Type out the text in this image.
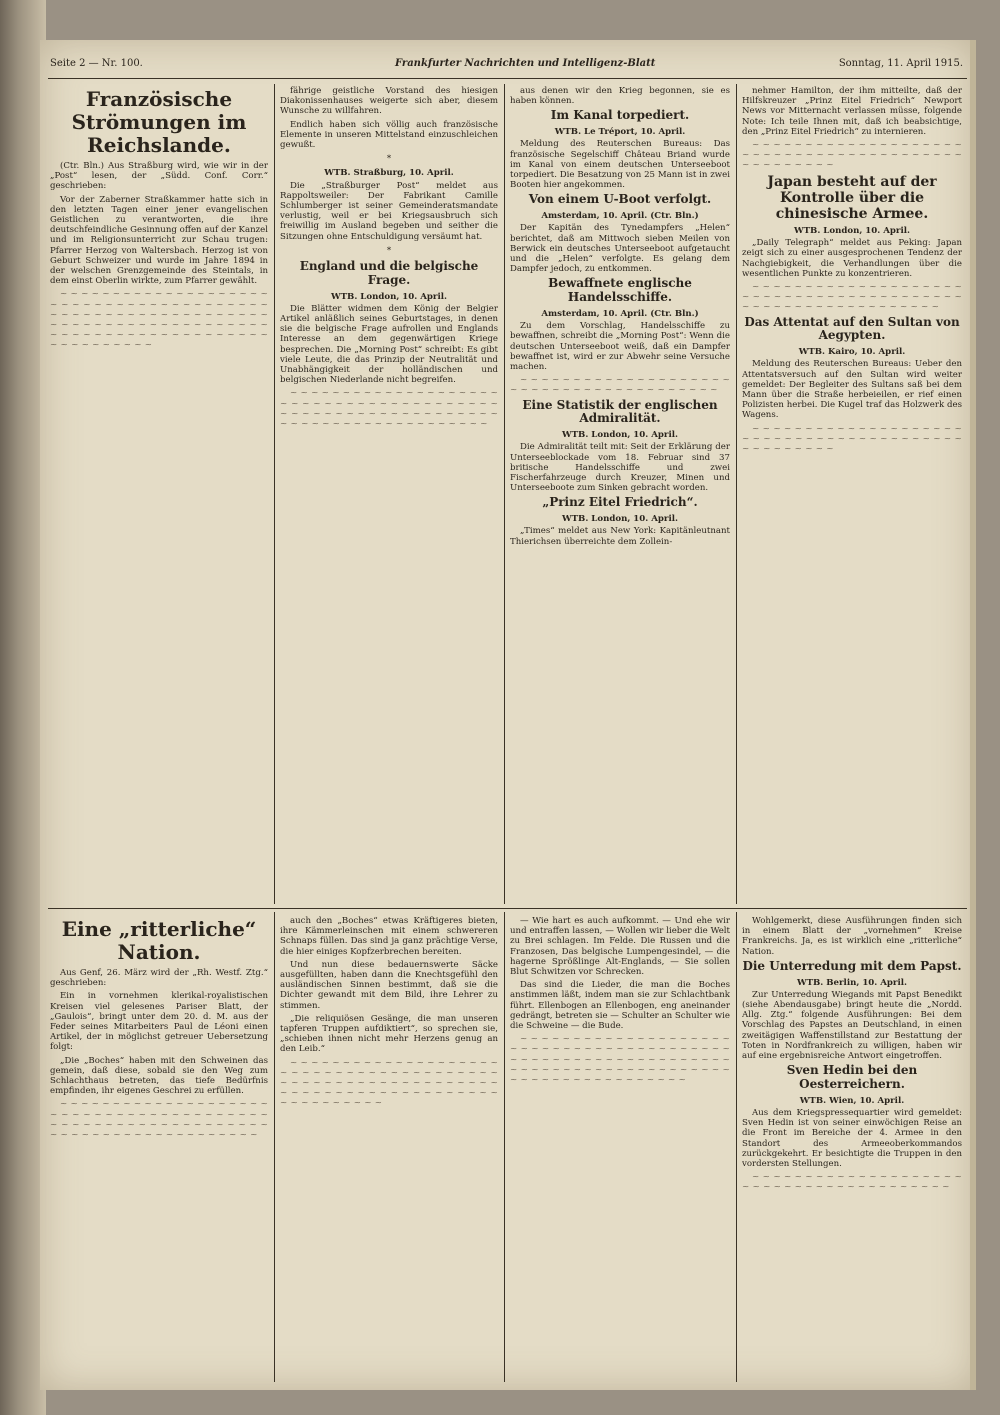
Seite 2 — Nr. 100.	Frankfurter Nachrichten und Intelligenz-Blatt	Sonntag, 11. April 1915.
Französische Strömungen im Reichslande.

(Ctr. Bln.) Aus Straßburg wird, wie wir in der „Post“ lesen, der „Südd. Conf. Corr.“ geschrieben:

Vor der Zaberner Straßkammer hatte sich in den letzten Tagen einer jener evangelischen Geistlichen zu verantworten, die ihre deutschfeindliche Gesinnung offen auf der Kanzel und im Religionsunterricht zur Schau trugen: Pfarrer Herzog von Waltersbach. Herzog ist von Geburt Schweizer und wurde im Jahre 1894 in der welschen Grenzgemeinde des Steintals, in dem einst Oberlin wirkte, zum Pfarrer gewählt.

~ ~ ~ ~ ~ ~ ~ ~ ~ ~ ~ ~ ~ ~ ~ ~ ~ ~ ~ ~ ~ ~ ~ ~ ~ ~ ~ ~ ~ ~ ~ ~ ~ ~ ~ ~ ~ ~ ~ ~ ~ ~ ~ ~ ~ ~ ~ ~ ~ ~ ~ ~ ~ ~ ~ ~ ~ ~ ~ ~ ~ ~ ~ ~ ~ ~ ~ ~ ~ ~ ~ ~ ~ ~ ~ ~ ~ ~ ~ ~ ~ ~ ~ ~ ~ ~ ~ ~ ~ ~ ~ ~ ~ ~ ~ ~ ~ ~ ~ ~ ~ ~ ~ ~ ~ ~ ~ ~ ~ ~

fährige geistliche Vorstand des hiesigen Diakonissenhauses weigerte sich aber, diesem Wunsche zu willfahren.

Endlich haben sich völlig auch französische Elemente in unseren Mittelstand einzuschleichen gewußt.

*
WTB. Straßburg, 10. April.

Die „Straßburger Post“ meldet aus Rappoltsweiler: Der Fabrikant Camille Schlumberger ist seiner Gemeinderatsmandate verlustig, weil er bei Kriegsausbruch sich freiwillig im Ausland begeben und seither die Sitzungen ohne Entschuldigung versäumt hat.

*
England und die belgische Frage.
WTB. London, 10. April.

Die Blätter widmen dem König der Belgier Artikel anläßlich seines Geburtstages, in denen sie die belgische Frage aufrollen und Englands Interesse an dem gegenwärtigen Kriege besprechen. Die „Morning Post“ schreibt: Es gibt viele Leute, die das Prinzip der Neutralität und Unabhängigkeit der holländischen und belgischen Niederlande nicht begreifen.

~ ~ ~ ~ ~ ~ ~ ~ ~ ~ ~ ~ ~ ~ ~ ~ ~ ~ ~ ~ ~ ~ ~ ~ ~ ~ ~ ~ ~ ~ ~ ~ ~ ~ ~ ~ ~ ~ ~ ~ ~ ~ ~ ~ ~ ~ ~ ~ ~ ~ ~ ~ ~ ~ ~ ~ ~ ~ ~ ~ ~ ~ ~ ~ ~ ~ ~ ~ ~ ~ ~ ~ ~ ~ ~ ~ ~ ~ ~ ~

aus denen wir den Krieg begonnen, sie es haben können.

Im Kanal torpediert.
WTB. Le Tréport, 10. April.

Meldung des Reuterschen Bureaus: Das französische Segelschiff Château Briand wurde im Kanal von einem deutschen Unterseeboot torpediert. Die Besatzung von 25 Mann ist in zwei Booten hier angekommen.

Von einem U-Boot verfolgt.
Amsterdam, 10. April. (Ctr. Bln.)

Der Kapitän des Tynedampfers „Helen“ berichtet, daß am Mittwoch sieben Meilen von Berwick ein deutsches Unterseeboot aufgetaucht und die „Helen“ verfolgte. Es gelang dem Dampfer jedoch, zu entkommen.

Bewaffnete englische Handelsschiffe.
Amsterdam, 10. April. (Ctr. Bln.)

Zu dem Vorschlag, Handelsschiffe zu bewaffnen, schreibt die „Morning Post“: Wenn die deutschen Unterseeboot weiß, daß ein Dampfer bewaffnet ist, wird er zur Abwehr seine Versuche machen.

~ ~ ~ ~ ~ ~ ~ ~ ~ ~ ~ ~ ~ ~ ~ ~ ~ ~ ~ ~ ~ ~ ~ ~ ~ ~ ~ ~ ~ ~ ~ ~ ~ ~ ~ ~ ~ ~ ~ ~

Eine Statistik der englischen Admiralität.
WTB. London, 10. April.

Die Admiralität teilt mit: Seit der Erklärung der Unterseeblockade vom 18. Februar sind 37 britische Handelsschiffe und zwei Fischerfahrzeuge durch Kreuzer, Minen und Unterseeboote zum Sinken gebracht worden.

„Prinz Eitel Friedrich“.
WTB. London, 10. April.

„Times“ meldet aus New York: Kapitänleutnant Thierichsen überreichte dem Zollein-

nehmer Hamilton, der ihm mitteilte, daß der Hilfskreuzer „Prinz Eitel Friedrich“ Newport News vor Mitternacht verlassen müsse, folgende Note: Ich teile Ihnen mit, daß ich beabsichtige, den „Prinz Eitel Friedrich“ zu internieren.

~ ~ ~ ~ ~ ~ ~ ~ ~ ~ ~ ~ ~ ~ ~ ~ ~ ~ ~ ~ ~ ~ ~ ~ ~ ~ ~ ~ ~ ~ ~ ~ ~ ~ ~ ~ ~ ~ ~ ~ ~ ~ ~ ~ ~ ~ ~ ~ ~ ~

Japan besteht auf der Kontrolle über die chinesische Armee.
WTB. London, 10. April.

„Daily Telegraph“ meldet aus Peking: Japan zeigt sich zu einer ausgesprochenen Tendenz der Nachgiebigkeit, die Verhandlungen über die wesentlichen Punkte zu konzentrieren.

~ ~ ~ ~ ~ ~ ~ ~ ~ ~ ~ ~ ~ ~ ~ ~ ~ ~ ~ ~ ~ ~ ~ ~ ~ ~ ~ ~ ~ ~ ~ ~ ~ ~ ~ ~ ~ ~ ~ ~ ~ ~ ~ ~ ~ ~ ~ ~ ~ ~ ~ ~ ~ ~ ~ ~ ~ ~ ~ ~

Das Attentat auf den Sultan von Aegypten.
WTB. Kairo, 10. April.

Meldung des Reuterschen Bureaus: Ueber den Attentatsversuch auf den Sultan wird weiter gemeldet: Der Begleiter des Sultans saß bei dem Mann über die Straße herbeieilen, er rief einen Polizisten herbei. Die Kugel traf das Holzwerk des Wagens.

~ ~ ~ ~ ~ ~ ~ ~ ~ ~ ~ ~ ~ ~ ~ ~ ~ ~ ~ ~ ~ ~ ~ ~ ~ ~ ~ ~ ~ ~ ~ ~ ~ ~ ~ ~ ~ ~ ~ ~ ~ ~ ~ ~ ~ ~ ~ ~ ~ ~

Eine „ritterliche“ Nation.

Aus Genf, 26. März wird der „Rh. Westf. Ztg.“ geschrieben:

Ein in vornehmen klerikal-royalistischen Kreisen viel gelesenes Pariser Blatt, der „Gaulois“, bringt unter dem 20. d. M. aus der Feder seines Mitarbeiters Paul de Léoni einen Artikel, der in möglichst getreuer Uebersetzung folgt:

„Die „Boches“ haben mit den Schweinen das gemein, daß diese, sobald sie den Weg zum Schlachthaus betreten, das tiefe Bedürfnis empfinden, ihr eigenes Geschrei zu erfüllen.

~ ~ ~ ~ ~ ~ ~ ~ ~ ~ ~ ~ ~ ~ ~ ~ ~ ~ ~ ~ ~ ~ ~ ~ ~ ~ ~ ~ ~ ~ ~ ~ ~ ~ ~ ~ ~ ~ ~ ~ ~ ~ ~ ~ ~ ~ ~ ~ ~ ~ ~ ~ ~ ~ ~ ~ ~ ~ ~ ~ ~ ~ ~ ~ ~ ~ ~ ~ ~ ~ ~ ~ ~ ~ ~ ~ ~ ~ ~ ~

auch den „Boches“ etwas Kräftigeres bieten, ihre Kämmerleinschen mit einem schwereren Schnaps füllen. Das sind ja ganz prächtige Verse, die hier einiges Kopfzerbrechen bereiten.

Und nun diese bedauernswerte Säcke ausgefüllten, haben dann die Knechtsgefühl den ausländischen Sinnen bestimmt, daß sie die Dichter gewandt mit dem Bild, ihre Lehrer zu stimmen.

„Die reliquiösen Gesänge, die man unseren tapferen Truppen aufdiktiert“, so sprechen sie, „schieben ihnen nicht mehr Herzens genug an den Leib.“

~ ~ ~ ~ ~ ~ ~ ~ ~ ~ ~ ~ ~ ~ ~ ~ ~ ~ ~ ~ ~ ~ ~ ~ ~ ~ ~ ~ ~ ~ ~ ~ ~ ~ ~ ~ ~ ~ ~ ~ ~ ~ ~ ~ ~ ~ ~ ~ ~ ~ ~ ~ ~ ~ ~ ~ ~ ~ ~ ~ ~ ~ ~ ~ ~ ~ ~ ~ ~ ~ ~ ~ ~ ~ ~ ~ ~ ~ ~ ~ ~ ~ ~ ~ ~ ~ ~ ~ ~ ~

— Wie hart es auch aufkommt. — Und ehe wir und entraffen lassen, — Wollen wir lieber die Welt zu Brei schlagen. Im Felde. Die Russen und die Franzosen, Das belgische Lumpengesindel, — die hagerne Sprößlinge Alt-Englands, — Sie sollen Blut Schwitzen vor Schrecken.

Das sind die Lieder, die man die Boches anstimmen läßt, indem man sie zur Schlachtbank führt. Ellenbogen an Ellenbogen, eng aneinander gedrängt, betreten sie — Schulter an Schulter wie die Schweine — die Bude.

~ ~ ~ ~ ~ ~ ~ ~ ~ ~ ~ ~ ~ ~ ~ ~ ~ ~ ~ ~ ~ ~ ~ ~ ~ ~ ~ ~ ~ ~ ~ ~ ~ ~ ~ ~ ~ ~ ~ ~ ~ ~ ~ ~ ~ ~ ~ ~ ~ ~ ~ ~ ~ ~ ~ ~ ~ ~ ~ ~ ~ ~ ~ ~ ~ ~ ~ ~ ~ ~ ~ ~ ~ ~ ~ ~ ~ ~ ~ ~ ~ ~ ~ ~ ~ ~ ~ ~ ~ ~ ~ ~ ~ ~ ~ ~ ~ ~ ~ ~

Wohlgemerkt, diese Ausführungen finden sich in einem Blatt der „vornehmen“ Kreise Frankreichs. Ja, es ist wirklich eine „ritterliche“ Nation.

Die Unterredung mit dem Papst.
WTB. Berlin, 10. April.

Zur Unterredung Wiegands mit Papst Benedikt (siehe Abendausgabe) bringt heute die „Nordd. Allg. Ztg.“ folgende Ausführungen: Bei dem Vorschlag des Papstes an Deutschland, in einen zweitägigen Waffenstillstand zur Bestattung der Toten in Nordfrankreich zu willigen, haben wir auf eine ergebnisreiche Antwort eingetroffen.

Sven Hedin bei den Oesterreichern.
WTB. Wien, 10. April.

Aus dem Kriegspressequartier wird gemeldet: Sven Hedin ist von seiner einwöchigen Reise an die Front im Bereiche der 4. Armee in den Standort des Armeeoberkommandos zurückgekehrt. Er besichtigte die Truppen in den vordersten Stellungen.

~ ~ ~ ~ ~ ~ ~ ~ ~ ~ ~ ~ ~ ~ ~ ~ ~ ~ ~ ~ ~ ~ ~ ~ ~ ~ ~ ~ ~ ~ ~ ~ ~ ~ ~ ~ ~ ~ ~ ~
